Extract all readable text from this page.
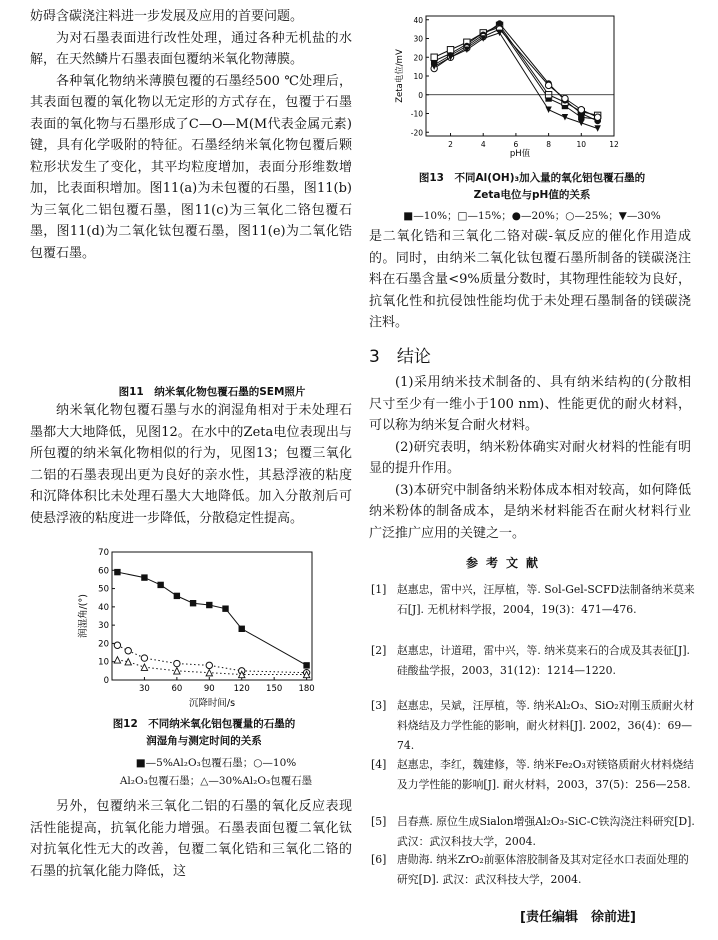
妨碍含碳浇注料进一步发展及应用的首要问题。

为对石墨表面进行改性处理，通过各种无机盐的水解，在天然鳞片石墨表面包覆纳米氧化物薄膜。

各种氧化物纳米薄膜包覆的石墨经500 ℃处理后，其表面包覆的氧化物以无定形的方式存在，包覆于石墨表面的氧化物与石墨形成了C—O—M(M代表金属元素)键，具有化学吸附的特征。石墨经纳米氧化物包覆后颗粒形状发生了变化，其平均粒度增加，表面分形维数增加，比表面积增加。图11(a)为未包覆的石墨，图11(b)为三氧化二铝包覆石墨，图11(c)为三氧化二铬包覆石墨，图11(d)为二氧化钛包覆石墨，图11(e)为二氧化锆包覆石墨。

图11　纳米氧化物包覆石墨的SEM照片

纳米氧化物包覆石墨与水的润湿角相对于未处理石墨都大大地降低，见图12。在水中的Zeta电位表现出与所包覆的纳米氧化物相似的行为，见图13；包覆三氧化二铝的石墨表现出更为良好的亲水性，其悬浮液的粘度和沉降体积比未处理石墨大大地降低。加入分散剂后可使悬浮液的粘度进一步降低，分散稳定性提高。

30	60	90 120 150 180
0
10
20
30
40
50
60
70
沉降时间/s
润湿角/(°)
图12　不同纳米氧化铝包覆量的石墨的
润湿角与测定时间的关系
■—5%Al₂O₃包覆石墨；○—10%
Al₂O₃包覆石墨；△—30%Al₂O₃包覆石墨

另外，包覆纳米三氧化二铝的石墨的氧化反应表现活性能提高，抗氧化能力增强。石墨表面包覆二氧化钛对抗氧化性无大的改善，包覆二氧化锆和三氧化二铬的石墨的抗氧化能力降低，这

2	4	6	8	10	12
-20
-10
0
10
20
30
40
pH值
Zeta电位/mV
图13　不同Al(OH)₃加入量的氧化铝包覆石墨的
Zeta电位与pH值的关系
■—10%；□—15%；●—20%；○—25%；▼—30%

是二氧化锆和三氧化二铬对碳-氧反应的催化作用造成的。同时，由纳米二氧化钛包覆石墨所制备的镁碳浇注料在石墨含量<9%质量分数时，其物理性能较为良好，抗氧化性和抗侵蚀性能均优于未处理石墨制备的镁碳浇注料。

3　结论

(1)采用纳米技术制备的、具有纳米结构的(分散相尺寸至少有一维小于100 nm)、性能更优的耐火材料，可以称为纳米复合耐火材料。

(2)研究表明，纳米粉体确实对耐火材料的性能有明显的提升作用。

(3)本研究中制备纳米粉体成本相对较高，如何降低纳米粉体的制备成本，是纳米材料能否在耐火材料行业广泛推广应用的关键之一。

参考文献
[1] 赵惠忠，雷中兴，汪厚植，等. Sol-Gel-SCFD法制备纳米莫来石[J]. 无机材料学报，2004，19(3)：471—476.
[2] 赵惠忠，计道珺，雷中兴，等. 纳米莫来石的合成及其表征[J]. 硅酸盐学报，2003，31(12)：1214—1220.
[3] 赵惠忠，吴斌，汪厚植，等. 纳米Al₂O₃、SiO₂对刚玉质耐火材料烧结及力学性能的影响，耐火材料[J]. 2002，36(4)：69—74.
[4] 赵惠忠，李红，魏建修，等. 纳米Fe₂O₃对镁铬质耐火材料烧结及力学性能的影响[J]. 耐火材料，2003，37(5)：256—258.
[5] 吕春燕. 原位生成Sialon增强Al₂O₃-SiC-C铁沟浇注料研究[D]. 武汉：武汉科技大学，2004.
[6] 唐勋海. 纳米ZrO₂前驱体溶胶制备及其对定径水口表面处理的研究[D]. 武汉：武汉科技大学，2004.
[责任编辑　徐前进]
